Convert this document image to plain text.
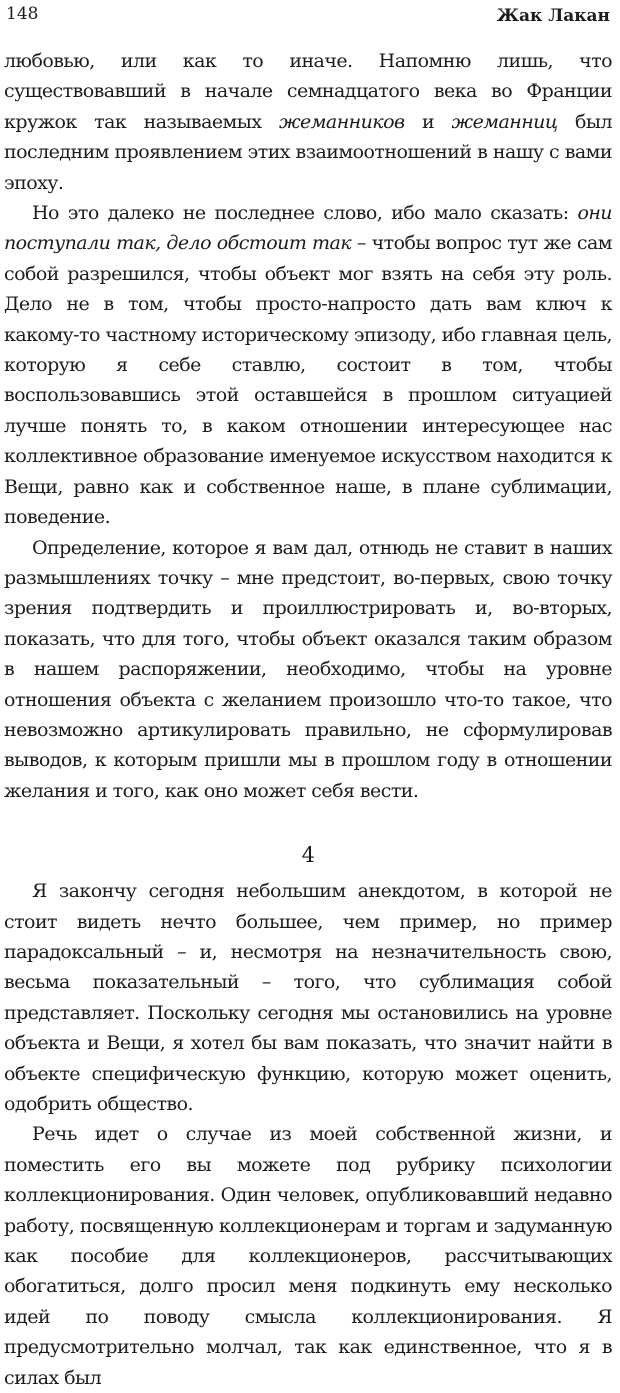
148	Жак Лакан

любовью, или как то иначе. Напомню лишь, что существовавший в начале семнадцатого века во Франции кружок так называемых жеманников и жеманниц был последним проявлением этих взаимоотношений в нашу с вами эпоху.

Но это далеко не последнее слово, ибо мало сказать: они поступали так, дело обстоит так – чтобы вопрос тут же сам собой разрешился, чтобы объект мог взять на себя эту роль. Дело не в том, чтобы просто-напросто дать вам ключ к какому-то частному историческому эпизоду, ибо главная цель, которую я себе ставлю, состоит в том, чтобы воспользовавшись этой оставшейся в прошлом ситуацией лучше понять то, в каком отношении интересующее нас коллективное образование именуемое искусством находится к Вещи, равно как и собственное наше, в плане сублимации, поведение.

Определение, которое я вам дал, отнюдь не ставит в наших размышлениях точку – мне предстоит, во-первых, свою точку зрения подтвердить и проиллюстрировать и, во-вторых, показать, что для того, чтобы объект оказался таким образом в нашем распоряжении, необходимо, чтобы на уровне отношения объекта с желанием произошло что-то такое, что невозможно артикулировать правильно, не сформулировав выводов, к которым пришли мы в прошлом году в отношении желания и того, как оно может себя вести.

4

Я закончу сегодня небольшим анекдотом, в которой не стоит видеть нечто большее, чем пример, но пример парадоксальный – и, несмотря на незначительность свою, весьма показательный – того, что сублимация собой представляет. Поскольку сегодня мы остановились на уровне объекта и Вещи, я хотел бы вам показать, что значит найти в объекте специфическую функцию, которую может оценить, одобрить общество.

Речь идет о случае из моей собственной жизни, и поместить его вы можете под рубрику психологии коллекционирования. Один человек, опубликовавший недавно работу, посвященную коллекционерам и торгам и задуманную как пособие для коллекционеров, рассчитывающих обогатиться, долго просил меня подкинуть ему несколько идей по поводу смысла коллекционирования. Я предусмотрительно молчал, так как единственное, что я в силах был
